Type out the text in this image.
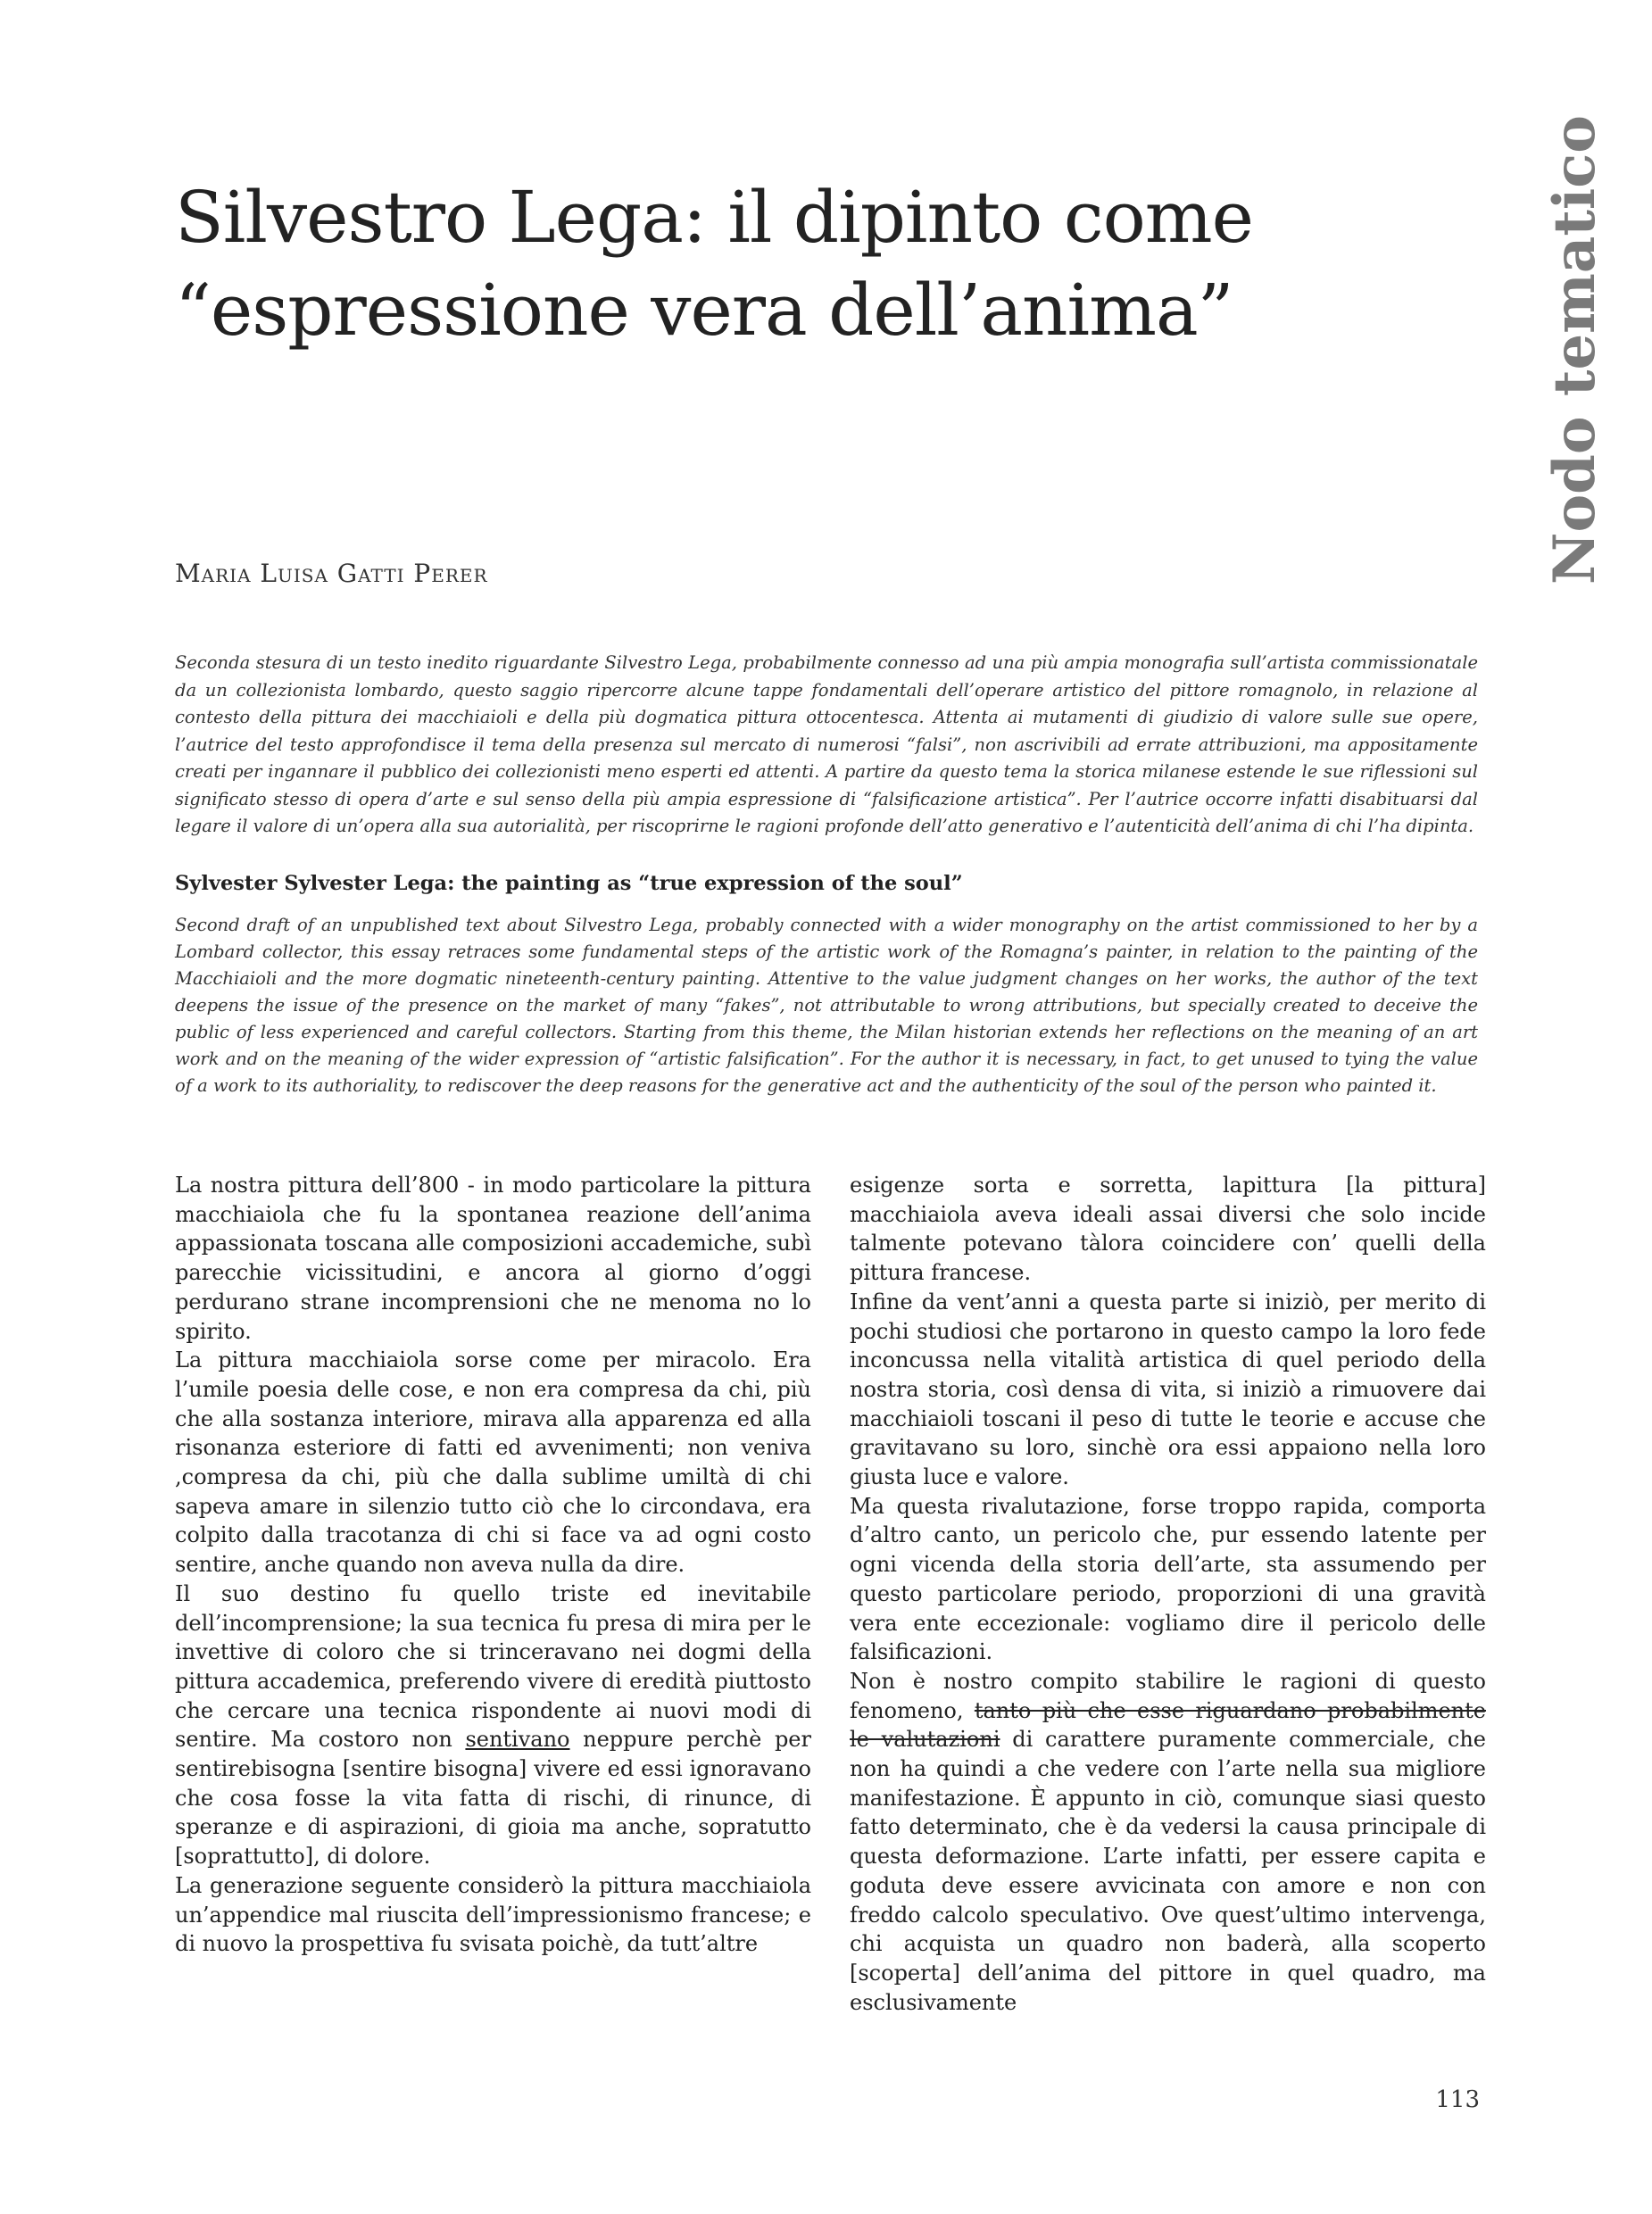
Silvestro Lega: il dipinto come
“espressione vera dell’anima”	Nodo tematico
Maria Luisa Gatti Perer

Seconda stesura di un testo inedito riguardante Silvestro Lega, probabilmente connesso ad una più ampia monografia sull’artista commissionatale da un collezionista lombardo, questo saggio ripercorre alcune tappe fondamentali dell’operare artistico del pittore romagnolo, in relazione al contesto della pittura dei macchiaioli e della più dogmatica pittura ottocentesca. Attenta ai mutamenti di giudizio di valore sulle sue opere, l’autrice del testo approfondisce il tema della presenza sul mercato di numerosi “falsi”, non ascrivibili ad errate attribuzioni, ma appositamente creati per ingannare il pubblico dei collezionisti meno esperti ed attenti. A partire da questo tema la storica milanese estende le sue riflessioni sul significato stesso di opera d’arte e sul senso della più ampia espressione di “falsificazione artistica”. Per l’autrice occorre infatti disabituarsi dal legare il valore di un’opera alla sua autorialità, per riscoprirne le ragioni profonde dell’atto generativo e l’autenticità dell’anima di chi l’ha dipinta.

Sylvester Sylvester Lega: the painting as “true expression of the soul”

Second draft of an unpublished text about Silvestro Lega, probably connected with a wider monography on the artist commissioned to her by a Lombard collector, this essay retraces some fundamental steps of the artistic work of the Romagna’s painter, in relation to the painting of the Macchiaioli and the more dogmatic nineteenth-century painting. Attentive to the value judgment changes on her works, the author of the text deepens the issue of the presence on the market of many “fakes”, not attributable to wrong attributions, but specially created to deceive the public of less experienced and careful collectors. Starting from this theme, the Milan historian extends her reflections on the meaning of an art work and on the meaning of the wider expression of “artistic falsification”. For the author it is necessary, in fact, to get unused to tying the value of a work to its authoriality, to rediscover the deep reasons for the generative act and the authenticity of the soul of the person who painted it.

La nostra pittura dell’800 - in modo particolare la pittura macchiaiola che fu la spontanea reazione dell’anima appassionata toscana alle composizioni accademiche, subì parecchie vicissitudini, e ancora al giorno d’oggi perdurano strane incomprensioni che ne menoma no lo spirito.

La pittura macchiaiola sorse come per miracolo. Era l’umile poesia delle cose, e non era compresa da chi, più che alla sostanza interiore, mirava alla apparenza ed alla risonanza esteriore di fatti ed avvenimenti; non veniva ,compresa da chi, più che dalla sublime umiltà di chi sapeva amare in silenzio tutto ciò che lo circondava, era colpito dalla tracotanza di chi si face va ad ogni costo sentire, anche quando non aveva nulla da dire.

Il suo destino fu quello triste ed inevitabile dell’incomprensione; la sua tecnica fu presa di mira per le invettive di coloro che si trinceravano nei dogmi della pittura accademica, preferendo vivere di eredità piuttosto che cercare una tecnica rispondente ai nuovi modi di sentire. Ma costoro non sentivano neppure perchè per sentirebisogna [sentire bisogna] vivere ed essi ignoravano che cosa fosse la vita fatta di rischi, di rinunce, di speranze e di aspirazioni, di gioia ma anche, sopratutto [soprattutto], di dolore.

La generazione seguente considerò la pittura macchiaiola un’appendice mal riuscita dell’impressionismo francese; e di nuovo la prospettiva fu svisata poichè, da tutt’altre

esigenze sorta e sorretta, lapittura [la pittura] macchiaiola aveva ideali assai diversi che solo incide talmente potevano tàlora coincidere con’ quelli della pittura francese.

Infine da vent’anni a questa parte si iniziò, per merito di pochi studiosi che portarono in questo campo la loro fede inconcussa nella vitalità artistica di quel periodo della nostra storia, così densa di vita, si iniziò a rimuovere dai macchiaioli toscani il peso di tutte le teorie e accuse che gravitavano su loro, sinchè ora essi appaiono nella loro giusta luce e valore.

Ma questa rivalutazione, forse troppo rapida, comporta d’altro canto, un pericolo che, pur essendo latente per ogni vicenda della storia dell’arte, sta assumendo per questo particolare periodo, proporzioni di una gravità vera ente eccezionale: vogliamo dire il pericolo delle falsificazioni.

Non è nostro compito stabilire le ragioni di questo fenomeno, tanto più che esse riguardano probabilmente le valutazioni di carattere puramente commerciale, che non ha quindi a che vedere con l’arte nella sua migliore manifestazione. È appunto in ciò, comunque siasi questo fatto determinato, che è da vedersi la causa principale di questa deformazione. L’arte infatti, per essere capita e goduta deve essere avvicinata con amore e non con freddo calcolo speculativo. Ove quest’ultimo intervenga, chi acquista un quadro non baderà, alla scoperto [scoperta] dell’anima del pittore in quel quadro, ma esclusivamente

113
